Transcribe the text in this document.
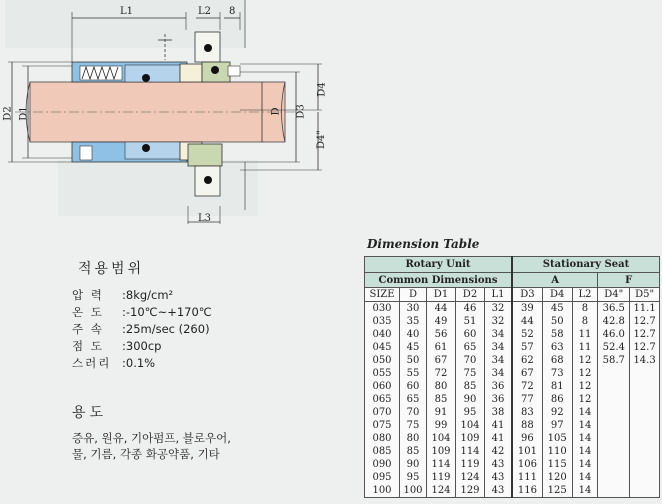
L1	L2 8
L3
D2 D1	D D3
D4
D4"
적용범위
압 력	:8kg/cm²
온 도	:-10℃~+170℃
주 속	:25m/sec (260)
점 도	:300cp
스러리 :0.1%
용도
증유, 원유, 기아펌프, 블로우어, 물, 기름, 각종 화공약품, 기타
Dimension Table
Rotary Unit					Stationary Seat				
Common Dimensions					A			F	
SIZE	D	D1	D2	L1	D3	D4	L2	D4"	D5"
030	30	44	46	32	39	45	8	36.5	11.1
035	35	49	51	32	44	50	8	42.8	12.7
040	40	56	60	34	52	58	11	46.0	12.7
045	45	61	65	34	57	63	11	52.4	12.7
050	50	67	70	34	62	68	12	58.7	14.3
055	55	72	75	34	67	73	12		
060	60	80	85	36	72	81	12		
065	65	85	90	36	77	86	12		
070	70	91	95	38	83	92	14		
075	75	99	104	41	88	97	14		
080	80	104	109	41	96	105	14		
085	85	109	114	42	101	110	14		
090	90	114	119	43	106	115	14		
095	95	119	124	43	111	120	14		
100	100	124	129	43	116	125	14		
